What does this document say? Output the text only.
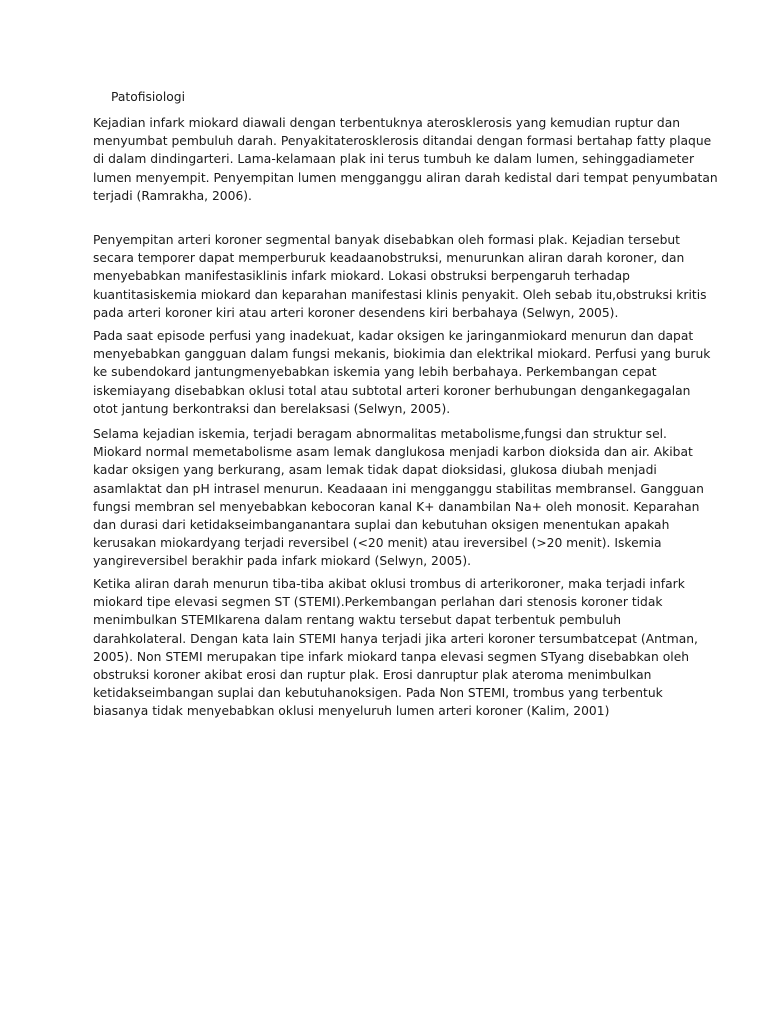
Patofisiologi

Kejadian infark miokard diawali dengan terbentuknya aterosklerosis yang kemudian ruptur dan
menyumbat pembuluh darah. Penyakitaterosklerosis ditandai dengan formasi bertahap fatty plaque
di dalam dindingarteri. Lama-kelamaan plak ini terus tumbuh ke dalam lumen, sehinggadiameter
lumen menyempit. Penyempitan lumen mengganggu aliran darah kedistal dari tempat penyumbatan
terjadi (Ramrakha, 2006).

Penyempitan arteri koroner segmental banyak disebabkan oleh formasi plak. Kejadian tersebut
secara temporer dapat memperburuk keadaanobstruksi, menurunkan aliran darah koroner, dan
menyebabkan manifestasiklinis infark miokard. Lokasi obstruksi berpengaruh terhadap
kuantitasiskemia miokard dan keparahan manifestasi klinis penyakit. Oleh sebab itu,obstruksi kritis
pada arteri koroner kiri atau arteri koroner desendens kiri berbahaya (Selwyn, 2005).

Pada saat episode perfusi yang inadekuat, kadar oksigen ke jaringanmiokard menurun dan dapat
menyebabkan gangguan dalam fungsi mekanis, biokimia dan elektrikal miokard. Perfusi yang buruk
ke subendokard jantungmenyebabkan iskemia yang lebih berbahaya. Perkembangan cepat
iskemiayang disebabkan oklusi total atau subtotal arteri koroner berhubungan dengankegagalan
otot jantung berkontraksi dan berelaksasi (Selwyn, 2005).

Selama kejadian iskemia, terjadi beragam abnormalitas metabolisme,fungsi dan struktur sel.
Miokard normal memetabolisme asam lemak danglukosa menjadi karbon dioksida dan air. Akibat
kadar oksigen yang berkurang, asam lemak tidak dapat dioksidasi, glukosa diubah menjadi
asamlaktat dan pH intrasel menurun. Keadaaan ini mengganggu stabilitas membransel. Gangguan
fungsi membran sel menyebabkan kebocoran kanal K+ danambilan Na+ oleh monosit. Keparahan
dan durasi dari ketidakseimbanganantara suplai dan kebutuhan oksigen menentukan apakah
kerusakan miokardyang terjadi reversibel (<20 menit) atau ireversibel (>20 menit). Iskemia
yangireversibel berakhir pada infark miokard (Selwyn, 2005).

Ketika aliran darah menurun tiba-tiba akibat oklusi trombus di arterikoroner, maka terjadi infark
miokard tipe elevasi segmen ST (STEMI).Perkembangan perlahan dari stenosis koroner tidak
menimbulkan STEMIkarena dalam rentang waktu tersebut dapat terbentuk pembuluh
darahkolateral. Dengan kata lain STEMI hanya terjadi jika arteri koroner tersumbatcepat (Antman,
2005). Non STEMI merupakan tipe infark miokard tanpa elevasi segmen STyang disebabkan oleh
obstruksi koroner akibat erosi dan ruptur plak. Erosi danruptur plak ateroma menimbulkan
ketidakseimbangan suplai dan kebutuhanoksigen. Pada Non STEMI, trombus yang terbentuk
biasanya tidak menyebabkan oklusi menyeluruh lumen arteri koroner (Kalim, 2001)
